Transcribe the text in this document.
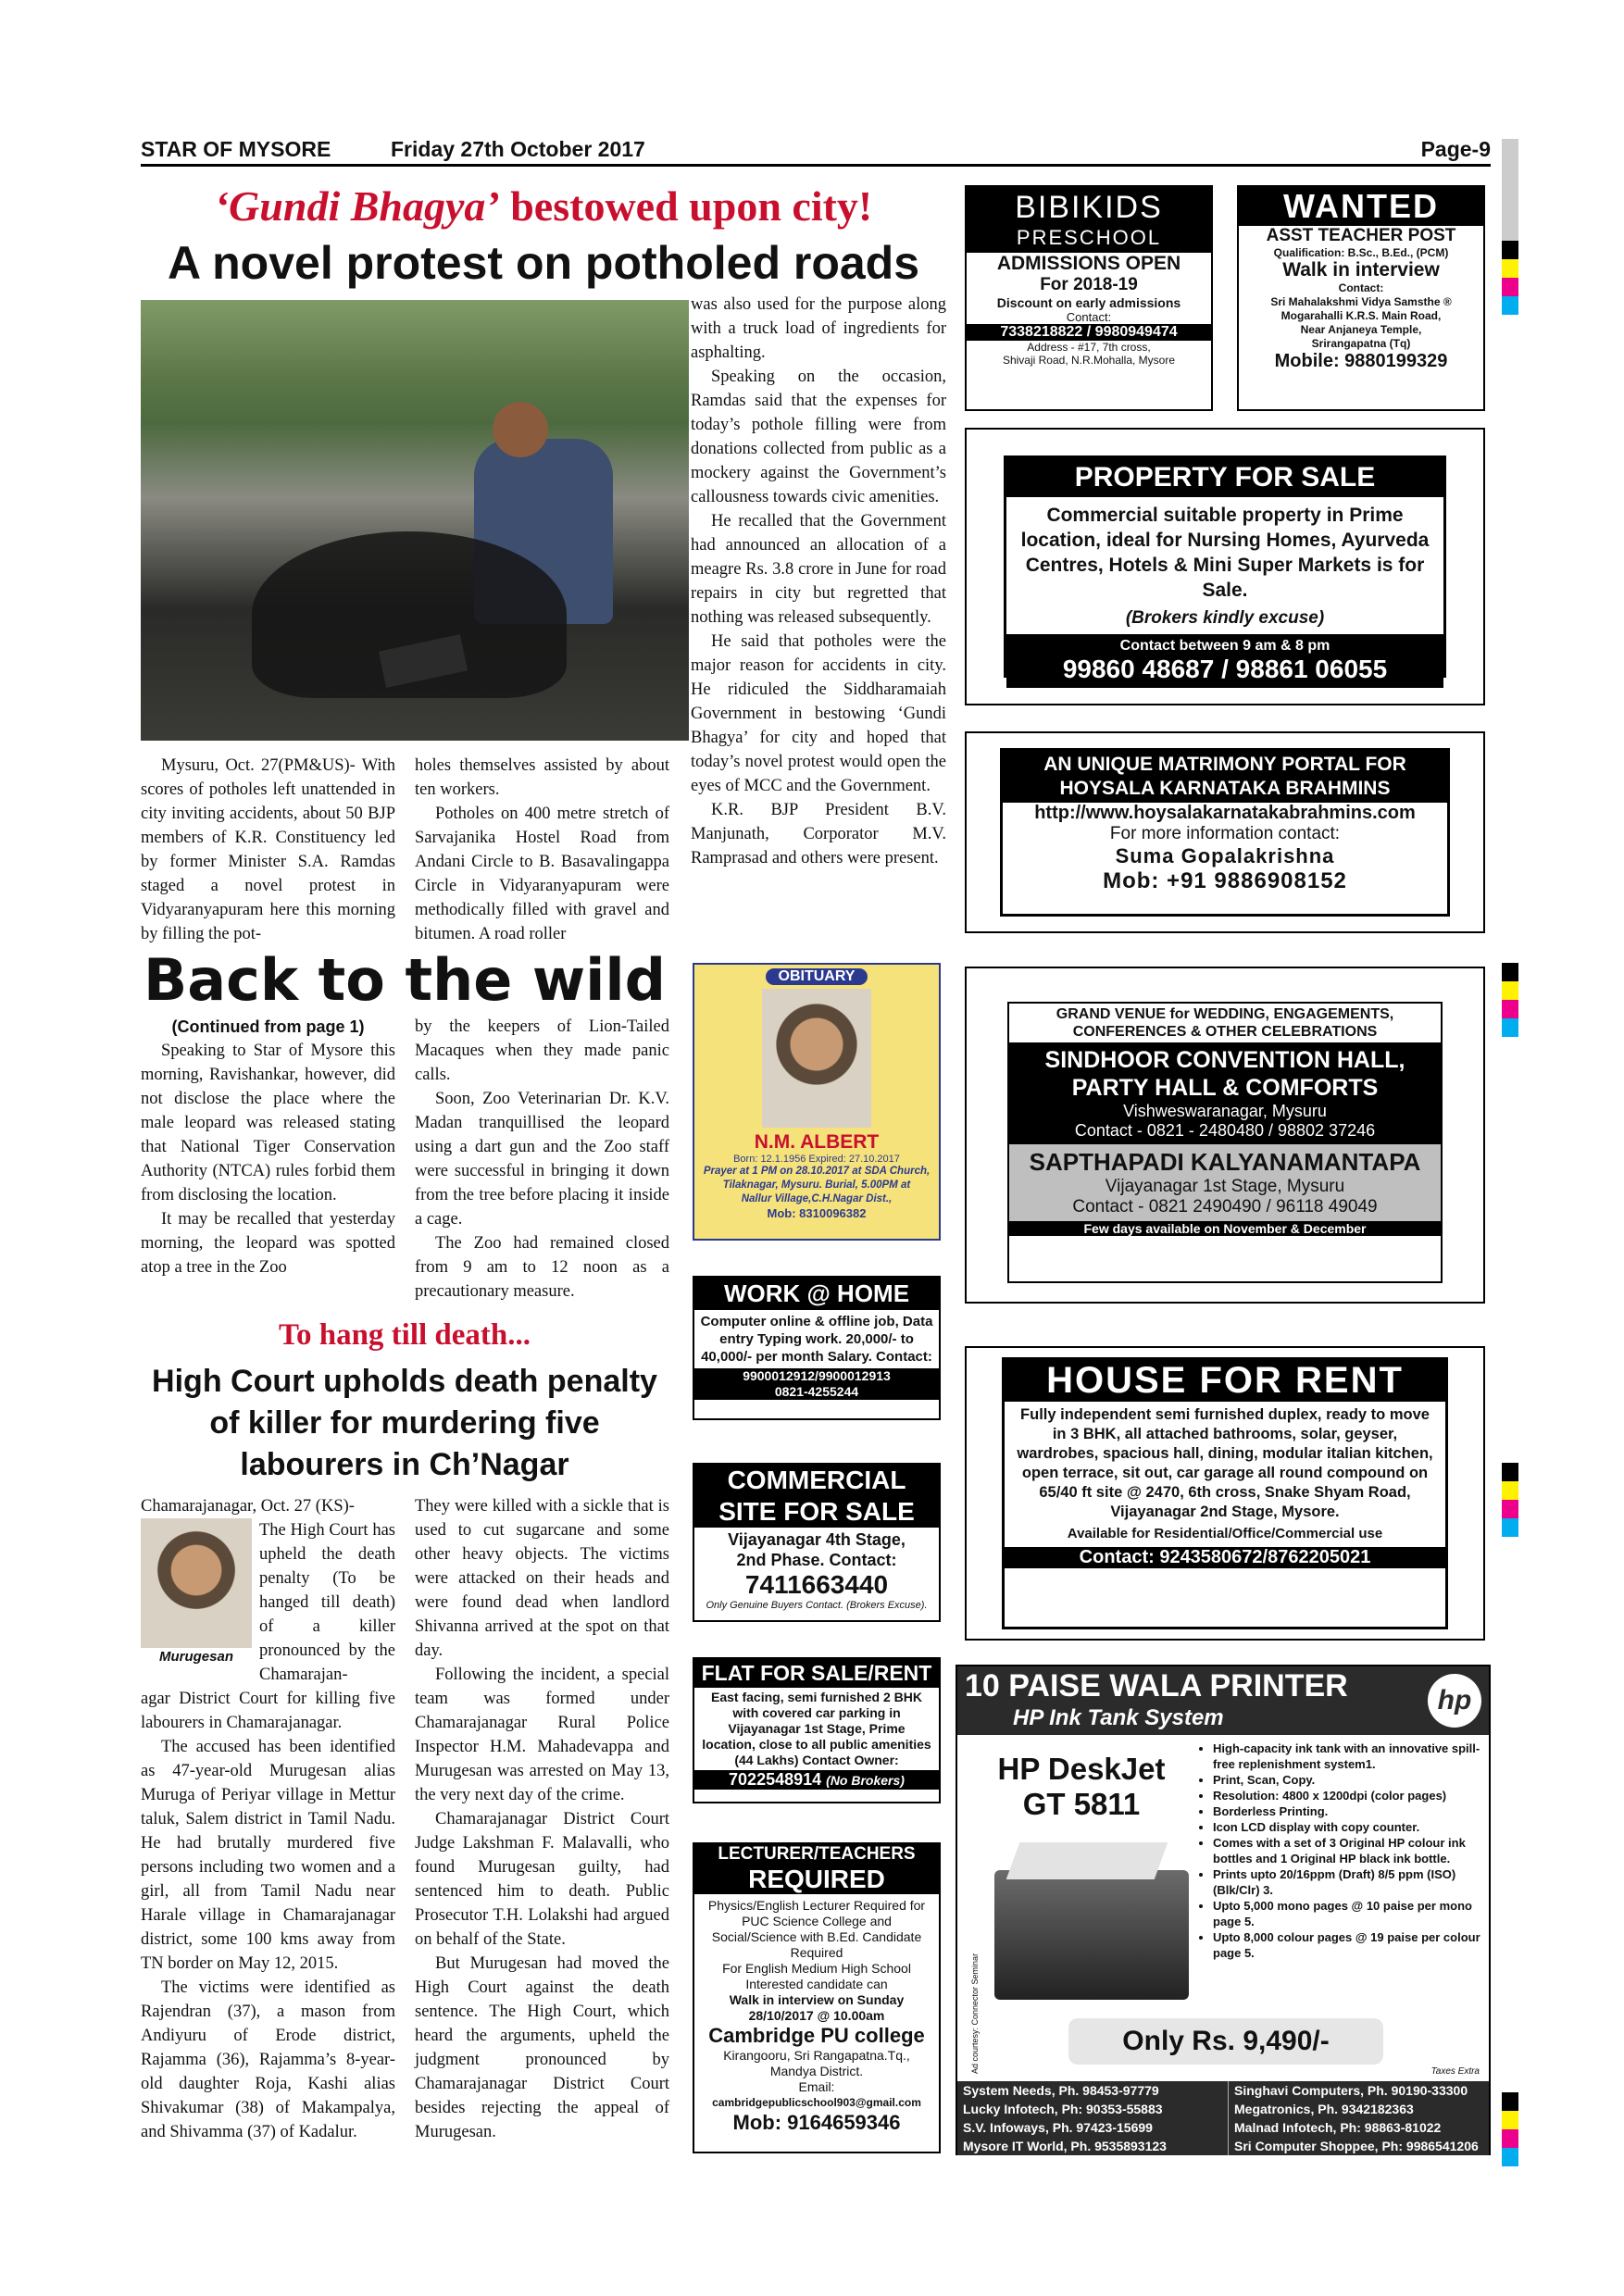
STAR OF MYSORE	Friday 27th October 2017	Page-9
‘Gundi Bhagya’ bestowed upon city!
A novel protest on potholed roads

Mysuru, Oct. 27(PM&US)- With scores of potholes left unattended in city inviting accidents, about 50 BJP members of K.R. Constituency led by former Minister S.A. Ramdas staged a novel protest in Vidyaranyapuram here this morning by filling the pot-

holes themselves assisted by about ten workers.

Potholes on 400 metre stretch of Sarvajanika Hostel Road from Andani Circle to B. Basavalingappa Circle in Vidyaranyapuram were methodically filled with gravel and bitumen. A road roller

was also used for the purpose along with a truck load of ingredients for asphalting.

Speaking on the occasion, Ramdas said that the expenses for today’s pothole filling were from donations collected from public as a mockery against the Government’s callousness towards civic amenities.

He recalled that the Government had announced an allocation of a meagre Rs. 3.8 crore in June for road repairs in city but regretted that nothing was released subsequently.

He said that potholes were the major reason for accidents in city. He ridiculed the Siddharamaiah Government in bestowing ‘Gundi Bhagya’ for city and hoped that today’s novel protest would open the eyes of MCC and the Government.

K.R. BJP President B.V. Manjunath, Corporator M.V. Ramprasad and others were present.

Back to the wild
(Continued from page 1)

Speaking to Star of Mysore this morning, Ravishankar, however, did not disclose the place where the male leopard was released stating that National Tiger Conservation Authority (NTCA) rules forbid them from disclosing the location.

It may be recalled that yesterday morning, the leopard was spotted atop a tree in the Zoo

by the keepers of Lion-Tailed Macaques when they made panic calls.

Soon, Zoo Veterinarian Dr. K.V. Madan tranquillised the leopard using a dart gun and the Zoo staff were successful in bringing it down from the tree before placing it inside a cage.

The Zoo had remained closed from 9 am to 12 noon as a precautionary measure.

To hang till death...
High Court upholds death penalty of killer for murdering five labourers in Ch’Nagar

Chamarajanagar, Oct. 27 (KS)-

Murugesan

The High Court has upheld the death penalty (To be hanged till death) of a killer pronounced by the Chamarajan-

agar District Court for killing five labourers in Chamarajanagar.

The accused has been identified as 47-year-old Murugesan alias Muruga of Periyar village in Mettur taluk, Salem district in Tamil Nadu. He had brutally murdered five persons including two women and a girl, all from Tamil Nadu near Harale village in Chamarajanagar district, some 100 kms away from TN border on May 12, 2015.

The victims were identified as Rajendran (37), a mason from Andiyuru of Erode district, Rajamma (36), Rajamma’s 8-year-old daughter Roja, Kashi alias Shivakumar (38) of Makampalya, and Shivamma (37) of Kadalur.

They were killed with a sickle that is used to cut sugarcane and some other heavy objects. The victims were attacked on their heads and were found dead when landlord Shivanna arrived at the spot on that day.

Following the incident, a special team was formed under Chamarajanagar Rural Police Inspector H.M. Mahadevappa and Murugesan was arrested on May 13, the very next day of the crime.

Chamarajanagar District Court Judge Lakshman F. Malavalli, who found Murugesan guilty, had sentenced him to death. Public Prosecutor T.H. Lolakshi had argued on behalf of the State.

But Murugesan had moved the High Court against the death sentence. The High Court, which heard the arguments, upheld the judgment pronounced by Chamarajanagar District Court besides rejecting the appeal of Murugesan.

OBITUARY
N.M. ALBERT
Born: 12.1.1956 Expired: 27.10.2017
Prayer at 1 PM on 28.10.2017 at SDA Church,
Tilaknagar, Mysuru. Burial, 5.00PM at
Nallur Village,C.H.Nagar Dist.,
Mob: 8310096382
WORK @ HOME
Computer online & offline job, Data entry Typing work. 20,000/- to 40,000/- per month Salary. Contact:
9900012912/9900012913
0821-4255244
COMMERCIAL
SITE FOR SALE
Vijayanagar 4th Stage,
2nd Phase. Contact:
7411663440
Only Genuine Buyers Contact. (Brokers Excuse).
FLAT FOR SALE/RENT
East facing, semi furnished 2 BHK with covered car parking in Vijayanagar 1st Stage, Prime location, close to all public amenities (44 Lakhs) Contact Owner:
7022548914 (No Brokers)
LECTURER/TEACHERS
REQUIRED
Physics/English Lecturer Required for PUC Science College and Social/Science with B.Ed. Candidate Required
For English Medium High School Interested candidate can
Walk in interview on Sunday 28/10/2017 @ 10.00am
Cambridge PU college
Kirangooru, Sri Rangapatna.Tq., Mandya District.
Email:
cambridgepublicschool903@gmail.com
Mob: 9164659346
BIBIKIDS
PRESCHOOL
ADMISSIONS OPEN
For 2018-19
Discount on early admissions
Contact:
7338218822 / 9980949474
Address - #17, 7th cross,
Shivaji Road, N.R.Mohalla, Mysore
WANTED
ASST TEACHER POST
Qualification: B.Sc., B.Ed., (PCM)
Walk in interview
Contact:
Sri Mahalakshmi Vidya Samsthe ®
Mogarahalli K.R.S. Main Road,
Near Anjaneya Temple,
Srirangapatna (Tq)
Mobile: 9880199329
PROPERTY FOR SALE
Commercial suitable property in Prime location, ideal for Nursing Homes, Ayurveda Centres, Hotels & Mini Super Markets is for Sale.
(Brokers kindly excuse)
Contact between 9 am & 8 pm
99860 48687 / 98861 06055
AN UNIQUE MATRIMONY PORTAL FOR HOYSALA KARNATAKA BRAHMINS
http://www.hoysalakarnatakabrahmins.com
For more information contact:
Suma Gopalakrishna
Mob: +91 9886908152
GRAND VENUE for WEDDING, ENGAGEMENTS, CONFERENCES & OTHER CELEBRATIONS
SINDHOOR CONVENTION HALL, PARTY HALL & COMFORTS
Vishweswaranagar, Mysuru
Contact - 0821 - 2480480 / 98802 37246
SAPTHAPADI KALYANAMANTAPA
Vijayanagar 1st Stage, Mysuru
Contact - 0821 2490490 / 96118 49049
Few days available on November & December
HOUSE FOR RENT
Fully independent semi furnished duplex, ready to move in 3 BHK, all attached bathrooms, solar, geyser, wardrobes, spacious hall, dining, modular italian kitchen, open terrace, sit out, car garage all round compound on 65/40 ft site @ 2470, 6th cross, Snake Shyam Road, Vijayanagar 2nd Stage, Mysore.
Available for Residential/Office/Commercial use
Contact: 9243580672/8762205021
10 PAISE WALA PRINTER
HP Ink Tank System
hp
HP DeskJet
GT 5811
Ad courtesy: Connector Seminar
• High-capacity ink tank with an innovative spill-free replenishment system1.
• Print, Scan, Copy.
• Resolution: 4800 x 1200dpi (color pages)
• Borderless Printing.
• Icon LCD display with copy counter.
• Comes with a set of 3 Original HP colour ink bottles and 1 Original HP black ink bottle.
• Prints upto 20/16ppm (Draft) 8/5 ppm (ISO) (Blk/Clr) 3.
• Upto 5,000 mono pages @ 10 paise per mono page 5.
• Upto 8,000 colour pages @ 19 paise per colour page 5.
Only Rs. 9,490/-
Taxes Extra
System Needs, Ph. 98453-97779
Lucky Infotech, Ph: 90353-55883
S.V. Infoways, Ph. 97423-15699
Mysore IT World, Ph. 9535893123
Singhavi Computers, Ph. 90190-33300
Megatronics, Ph. 9342182363
Malnad Infotech, Ph: 98863-81022
Sri Computer Shoppee, Ph: 9986541206
